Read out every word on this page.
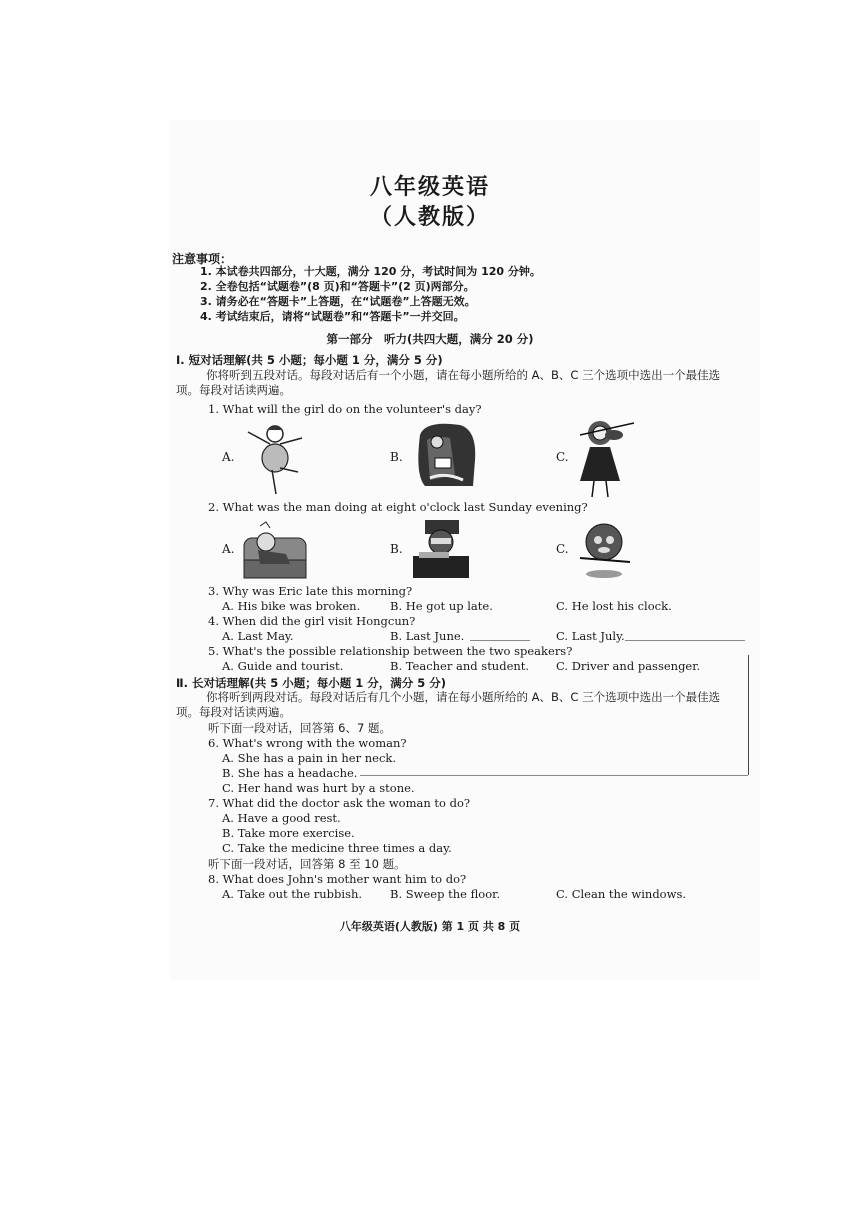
八年级英语
（人教版）
注意事项：
1. 本试卷共四部分，十大题，满分 120 分，考试时间为 120 分钟。
2. 全卷包括“试题卷”(8 页)和“答题卡”(2 页)两部分。
3. 请务必在“答题卡”上答题，在“试题卷”上答题无效。
4. 考试结束后，请将“试题卷”和“答题卡”一并交回。
第一部分　听力(共四大题，满分 20 分)
Ⅰ. 短对话理解(共 5 小题；每小题 1 分，满分 5 分)
你将听到五段对话。每段对话后有一个小题，请在每小题所给的 A、B、C 三个选项中选出一个最佳选项。每段对话读两遍。
1. What will the girl do on the volunteer's day?
A.	B.	C.
2. What was the man doing at eight o'clock last Sunday evening?
A.	B.	C.
3. Why was Eric late this morning?
A. His bike was broken.	B. He got up late.	C. He lost his clock.
4. When did the girl visit Hongcun?
A. Last May.	B. Last June.	C. Last July.
5. What's the possible relationship between the two speakers?
A. Guide and tourist.	B. Teacher and student. C. Driver and passenger.
Ⅱ. 长对话理解(共 5 小题；每小题 1 分，满分 5 分)
你将听到两段对话。每段对话后有几个小题，请在每小题所给的 A、B、C 三个选项中选出一个最佳选项。每段对话读两遍。
听下面一段对话，回答第 6、7 题。
6. What's wrong with the woman?
A. She has a pain in her neck.
B. She has a headache.
C. Her hand was hurt by a stone.
7. What did the doctor ask the woman to do?
A. Have a good rest.
B. Take more exercise.
C. Take the medicine three times a day.
听下面一段对话，回答第 8 至 10 题。
8. What does John's mother want him to do?
A. Take out the rubbish. B. Sweep the floor.	C. Clean the windows.
八年级英语(人教版) 第 1 页 共 8 页
